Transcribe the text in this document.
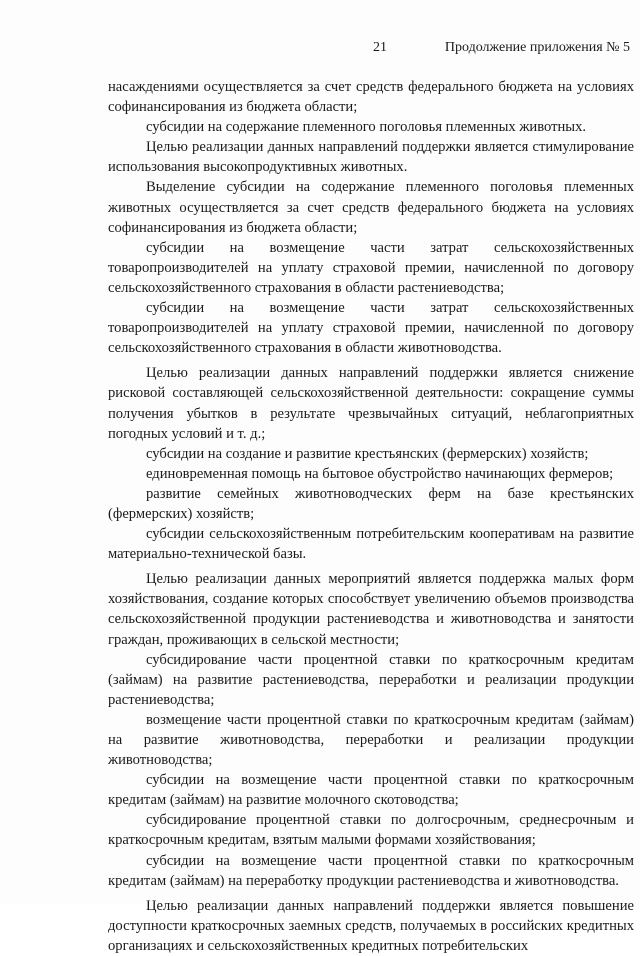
21	Продолжение приложения № 5

насаждениями осуществляется за счет средств федерального бюджета на условиях софинансирования из бюджета области;

субсидии на содержание племенного поголовья племенных животных.

Целью реализации данных направлений поддержки является стимулирование использования высокопродуктивных животных.

Выделение субсидии на содержание племенного поголовья племенных животных осуществляется за счет средств федерального бюджета на условиях софинансирования из бюджета области;

субсидии на возмещение части затрат сельскохозяйственных товаропроизводителей на уплату страховой премии, начисленной по договору сельскохозяйственного страхования в области растениеводства;

субсидии на возмещение части затрат сельскохозяйственных товаропроизводителей на уплату страховой премии, начисленной по договору сельскохозяйственного страхования в области животноводства.

Целью реализации данных направлений поддержки является снижение рисковой составляющей сельскохозяйственной деятельности: сокращение суммы получения убытков в результате чрезвычайных ситуаций, неблагоприятных погодных условий и т. д.;

субсидии на создание и развитие крестьянских (фермерских) хозяйств;

единовременная помощь на бытовое обустройство начинающих фермеров;

развитие семейных животноводческих ферм на базе крестьянских (фермерских) хозяйств;

субсидии сельскохозяйственным потребительским кооперативам на развитие материально-технической базы.

Целью реализации данных мероприятий является поддержка малых форм хозяйствования, создание которых способствует увеличению объемов производства сельскохозяйственной продукции растениеводства и животноводства и занятости граждан, проживающих в сельской местности;

субсидирование части процентной ставки по краткосрочным кредитам (займам) на развитие растениеводства, переработки и реализации продукции растениеводства;

возмещение части процентной ставки по краткосрочным кредитам (займам) на развитие животноводства, переработки и реализации продукции животноводства;

субсидии на возмещение части процентной ставки по краткосрочным кредитам (займам) на развитие молочного скотоводства;

субсидирование процентной ставки по долгосрочным, среднесрочным и краткосрочным кредитам, взятым малыми формами хозяйствования;

субсидии на возмещение части процентной ставки по краткосрочным кредитам (займам) на переработку продукции растениеводства и животноводства.

Целью реализации данных направлений поддержки является повышение доступности краткосрочных заемных средств, получаемых в российских кредитных организациях и сельскохозяйственных кредитных потребительских
